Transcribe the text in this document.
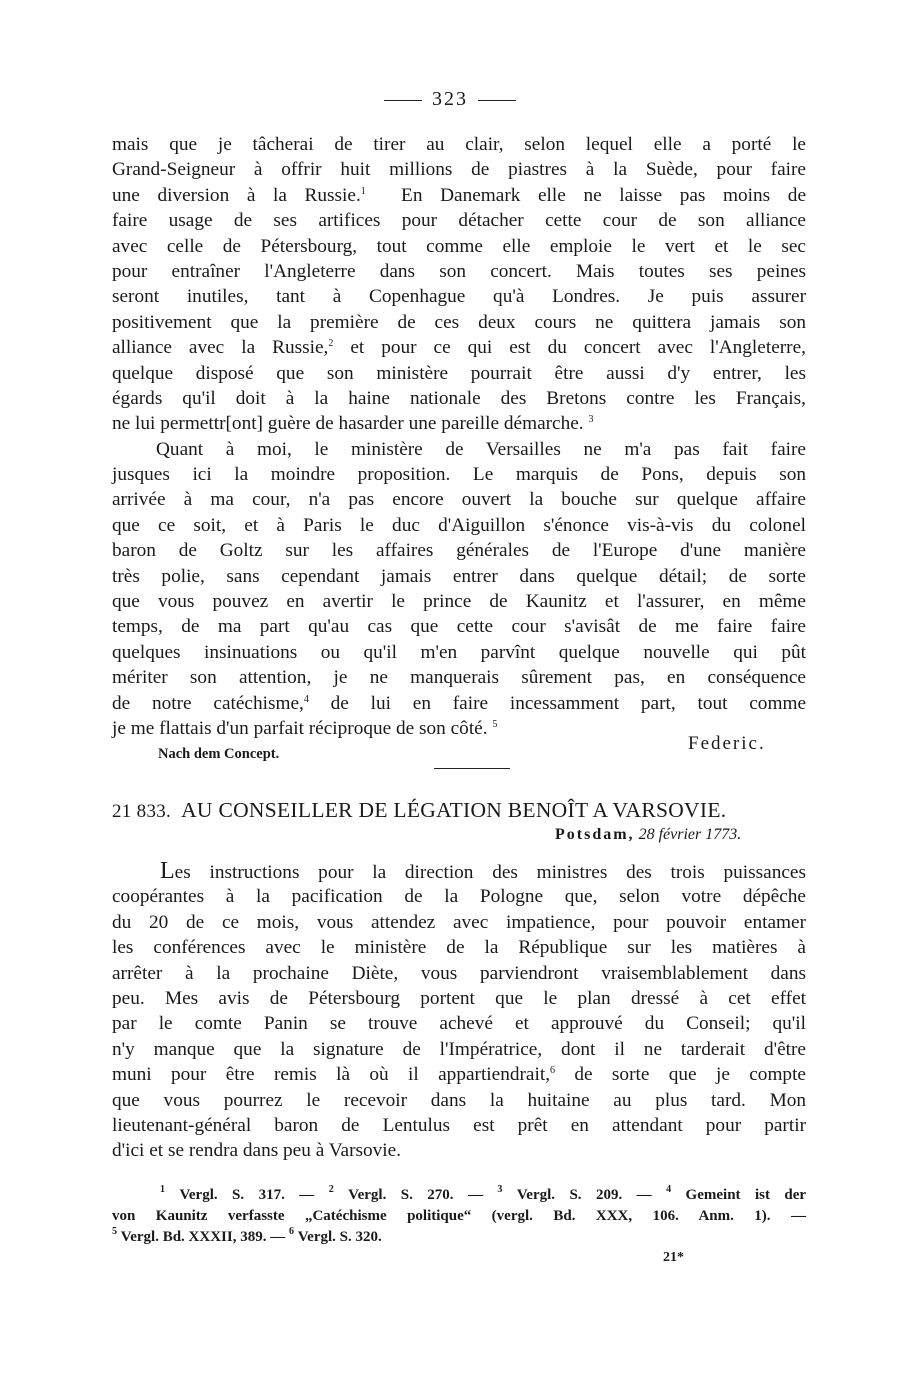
323
mais que je tâcherai de tirer au clair, selon lequel elle a porté le
Grand-Seigneur à offrir huit millions de piastres à la Suède, pour faire
une diversion à la Russie.$^1$ En Danemark elle ne laisse pas moins de
faire usage de ses artifices pour détacher cette cour de son alliance
avec celle de Pétersbourg, tout comme elle emploie le vert et le sec
pour entraîner l'Angleterre dans son concert. Mais toutes ses peines
seront inutiles, tant à Copenhague qu'à Londres. Je puis assurer
positivement que la première de ces deux cours ne quittera jamais son
alliance avec la Russie,$^2$ et pour ce qui est du concert avec l'Angleterre,
quelque disposé que son ministère pourrait être aussi d'y entrer, les
égards qu'il doit à la haine nationale des Bretons contre les Français,
ne lui permettr[ont] guère de hasarder une pareille démarche. $^3$
Quant à moi, le ministère de Versailles ne m'a pas fait faire
jusques ici la moindre proposition. Le marquis de Pons, depuis son
arrivée à ma cour, n'a pas encore ouvert la bouche sur quelque affaire
que ce soit, et à Paris le duc d'Aiguillon s'énonce vis-à-vis du colonel
baron de Goltz sur les affaires générales de l'Europe d'une manière
très polie, sans cependant jamais entrer dans quelque détail; de sorte
que vous pouvez en avertir le prince de Kaunitz et l'assurer, en même
temps, de ma part qu'au cas que cette cour s'avisât de me faire faire
quelques insinuations ou qu'il m'en parvînt quelque nouvelle qui pût
mériter son attention, je ne manquerais sûrement pas, en conséquence
de notre catéchisme,$^4$ de lui en faire incessamment part, tout comme
je me flattais d'un parfait réciproque de son côté. $^5$
Federic.
Nach dem Concept.
21 833. AU CONSEILLER DE LÉGATION BENOÎT A VARSOVIE.
Potsdam, 28 février 1773.
Les instructions pour la direction des ministres des trois puissances
coopérantes à la pacification de la Pologne que, selon votre dépêche
du 20 de ce mois, vous attendez avec impatience, pour pouvoir entamer
les conférences avec le ministère de la République sur les matières à
arrêter à la prochaine Diète, vous parviendront vraisemblablement dans
peu. Mes avis de Pétersbourg portent que le plan dressé à cet effet
par le comte Panin se trouve achevé et approuvé du Conseil; qu'il
n'y manque que la signature de l'Impératrice, dont il ne tarderait d'être
muni pour être remis là où il appartiendrait,$^6$ de sorte que je compte
que vous pourrez le recevoir dans la huitaine au plus tard. Mon
lieutenant-général baron de Lentulus est prêt en attendant pour partir
d'ici et se rendra dans peu à Varsovie.
$^1$ Vergl. S. 317. — $^2$ Vergl. S. 270. — $^3$ Vergl. S. 209. — $^4$ Gemeint ist der
von Kaunitz verfasste „Catéchisme politique“ (vergl. Bd. XXX, 106. Anm. 1). —
$^5$ Vergl. Bd. XXXII, 389. — $^6$ Vergl. S. 320.
21*
